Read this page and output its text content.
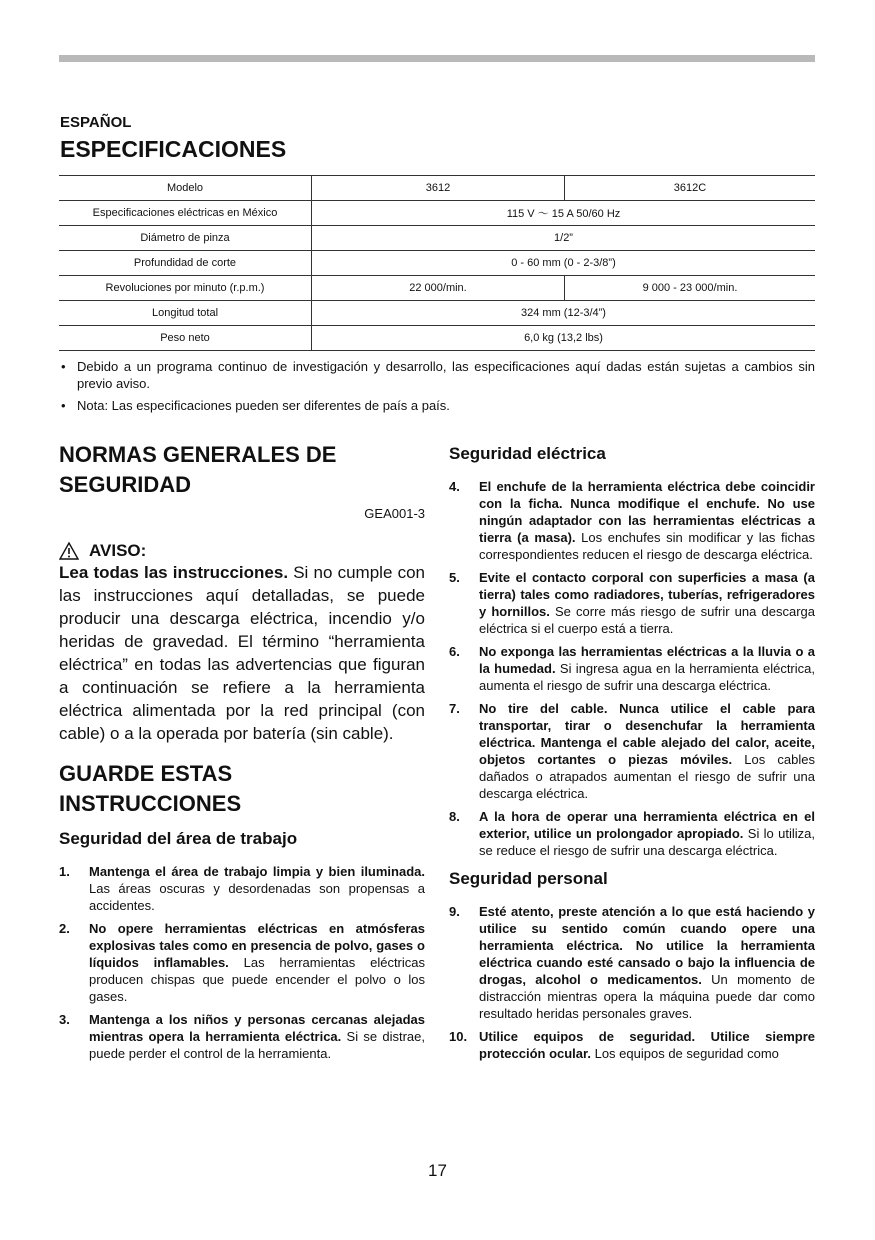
ESPAÑOL
ESPECIFICACIONES
Modelo	3612	3612C
Especificaciones eléctricas en México	115 V ～ 15 A 50/60 Hz	
Diámetro de pinza	1/2”	
Profundidad de corte	0 - 60 mm (0 - 2-3/8”)	
Revoluciones por minuto (r.p.m.)	22 000/min.	9 000 - 23 000/min.
Longitud total	324 mm (12-3/4”)	
Peso neto	6,0 kg (13,2 lbs)	
• Debido a un programa continuo de investigación y desarrollo, las especificaciones aquí dadas están sujetas a cambios sin previo aviso.
• Nota: Las especificaciones pueden ser diferentes de país a país.
NORMAS GENERALES DE
SEGURIDAD
GEA001-3
AVISO:

Lea todas las instrucciones. Si no cumple con las instrucciones aquí detalladas, se puede producir una descarga eléctrica, incendio y/o heridas de gravedad. El término “herramienta eléctrica” en todas las advertencias que figuran a continuación se refiere a la herramienta eléctrica alimentada por la red principal (con cable) o a la operada por batería (sin cable).

GUARDE ESTAS
INSTRUCCIONES
Seguridad del área de trabajo
1. Mantenga el área de trabajo limpia y bien iluminada. Las áreas oscuras y desordenadas son propensas a accidentes.
2. No opere herramientas eléctricas en atmósferas explosivas tales como en presencia de polvo, gases o líquidos inflamables. Las herramientas eléctricas producen chispas que puede encender el polvo o los gases.
3. Mantenga a los niños y personas cercanas alejadas mientras opera la herramienta eléctrica. Si se distrae, puede perder el control de la herramienta.
Seguridad eléctrica
4. El enchufe de la herramienta eléctrica debe coincidir con la ficha. Nunca modifique el enchufe. No use ningún adaptador con las herramientas eléctricas a tierra (a masa). Los enchufes sin modificar y las fichas correspondientes reducen el riesgo de descarga eléctrica.
5. Evite el contacto corporal con superficies a masa (a tierra) tales como radiadores, tuberías, refrigeradores y hornillos. Se corre más riesgo de sufrir una descarga eléctrica si el cuerpo está a tierra.
6. No exponga las herramientas eléctricas a la lluvia o a la humedad. Si ingresa agua en la herramienta eléctrica, aumenta el riesgo de sufrir una descarga eléctrica.
7. No tire del cable. Nunca utilice el cable para transportar, tirar o desenchufar la herramienta eléctrica. Mantenga el cable alejado del calor, aceite, objetos cortantes o piezas móviles. Los cables dañados o atrapados aumentan el riesgo de sufrir una descarga eléctrica.
8. A la hora de operar una herramienta eléctrica en el exterior, utilice un prolongador apropiado. Si lo utiliza, se reduce el riesgo de sufrir una descarga eléctrica.
Seguridad personal
9. Esté atento, preste atención a lo que está haciendo y utilice su sentido común cuando opere una herramienta eléctrica. No utilice la herramienta eléctrica cuando esté cansado o bajo la influencia de drogas, alcohol o medicamentos. Un momento de distracción mientras opera la máquina puede dar como resultado heridas personales graves.
10. Utilice equipos de seguridad. Utilice siempre protección ocular. Los equipos de seguridad como
17
